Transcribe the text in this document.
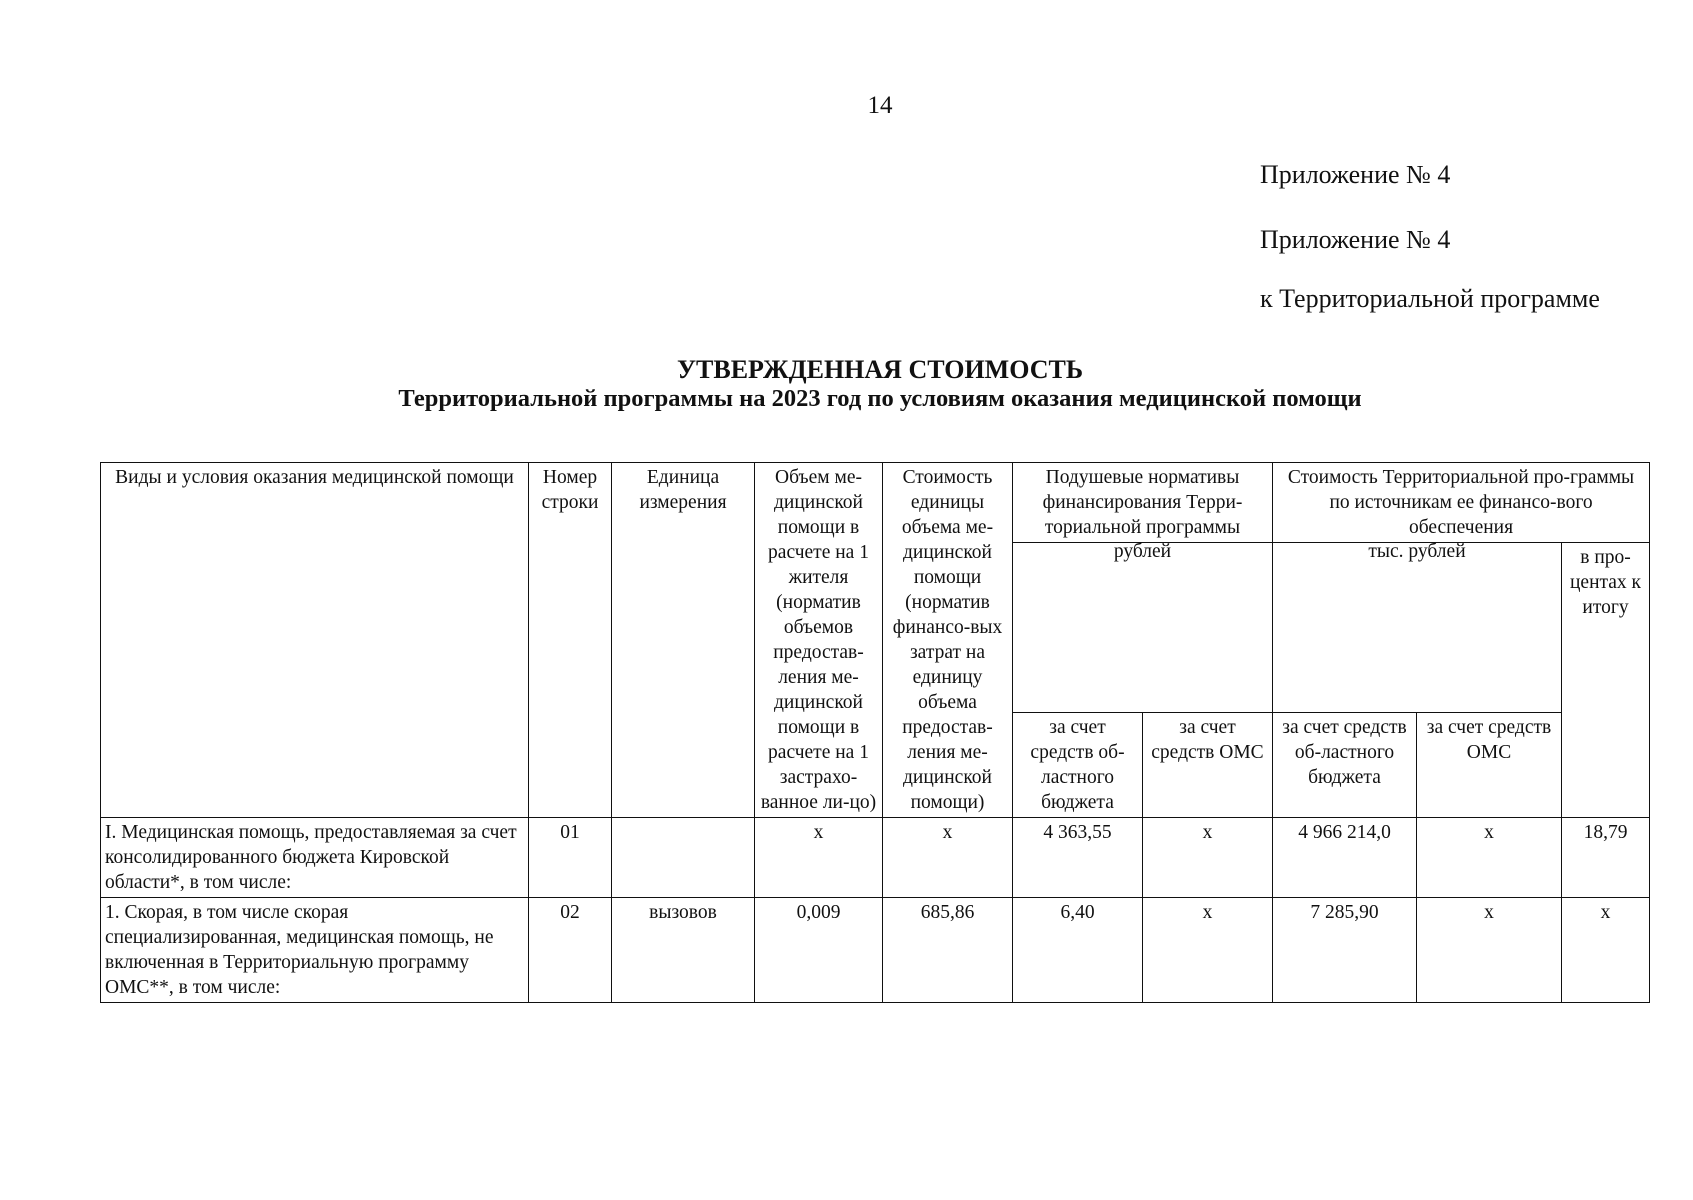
14
Приложение № 4
Приложение № 4
к Территориальной программе
УТВЕРЖДЕННАЯ СТОИМОСТЬ
Территориальной программы на 2023 год по условиям оказания медицинской помощи
Виды и условия оказания медицинской помощи	Номер строки	Единица измерения	Объем ме-дицинской помощи в расчете на 1 жителя (норматив объемов предостав-ления ме-дицинской помощи в расчете на 1 застрахо-ванное ли-цо)	Стоимость единицы объема ме-дицинской помощи (норматив финансо-вых затрат на единицу объема предостав-ления ме-дицинской помощи)	Подушевые нормативы финансирования Терри-ториальной программы		Стоимость Территориальной про-граммы по источникам ее финансо-вого обеспечения		
					рублей		тыс. рублей		в про-центах к итогу
					за счет средств об-ластного бюджета	за счет средств ОМС	за счет средств об-ластного бюджета	за счет средств ОМС	
I. Медицинская помощь, предоставляемая за счет консолидированного бюджета Кировской области*, в том числе:	01		х	х	4 363,55	х	4 966 214,0	х	18,79
1. Скорая, в том числе скорая специализированная, медицинская помощь, не включенная в Территориальную программу ОМС**, в том числе:	02	вызовов	0,009	685,86	6,40	х	7 285,90	х	х
